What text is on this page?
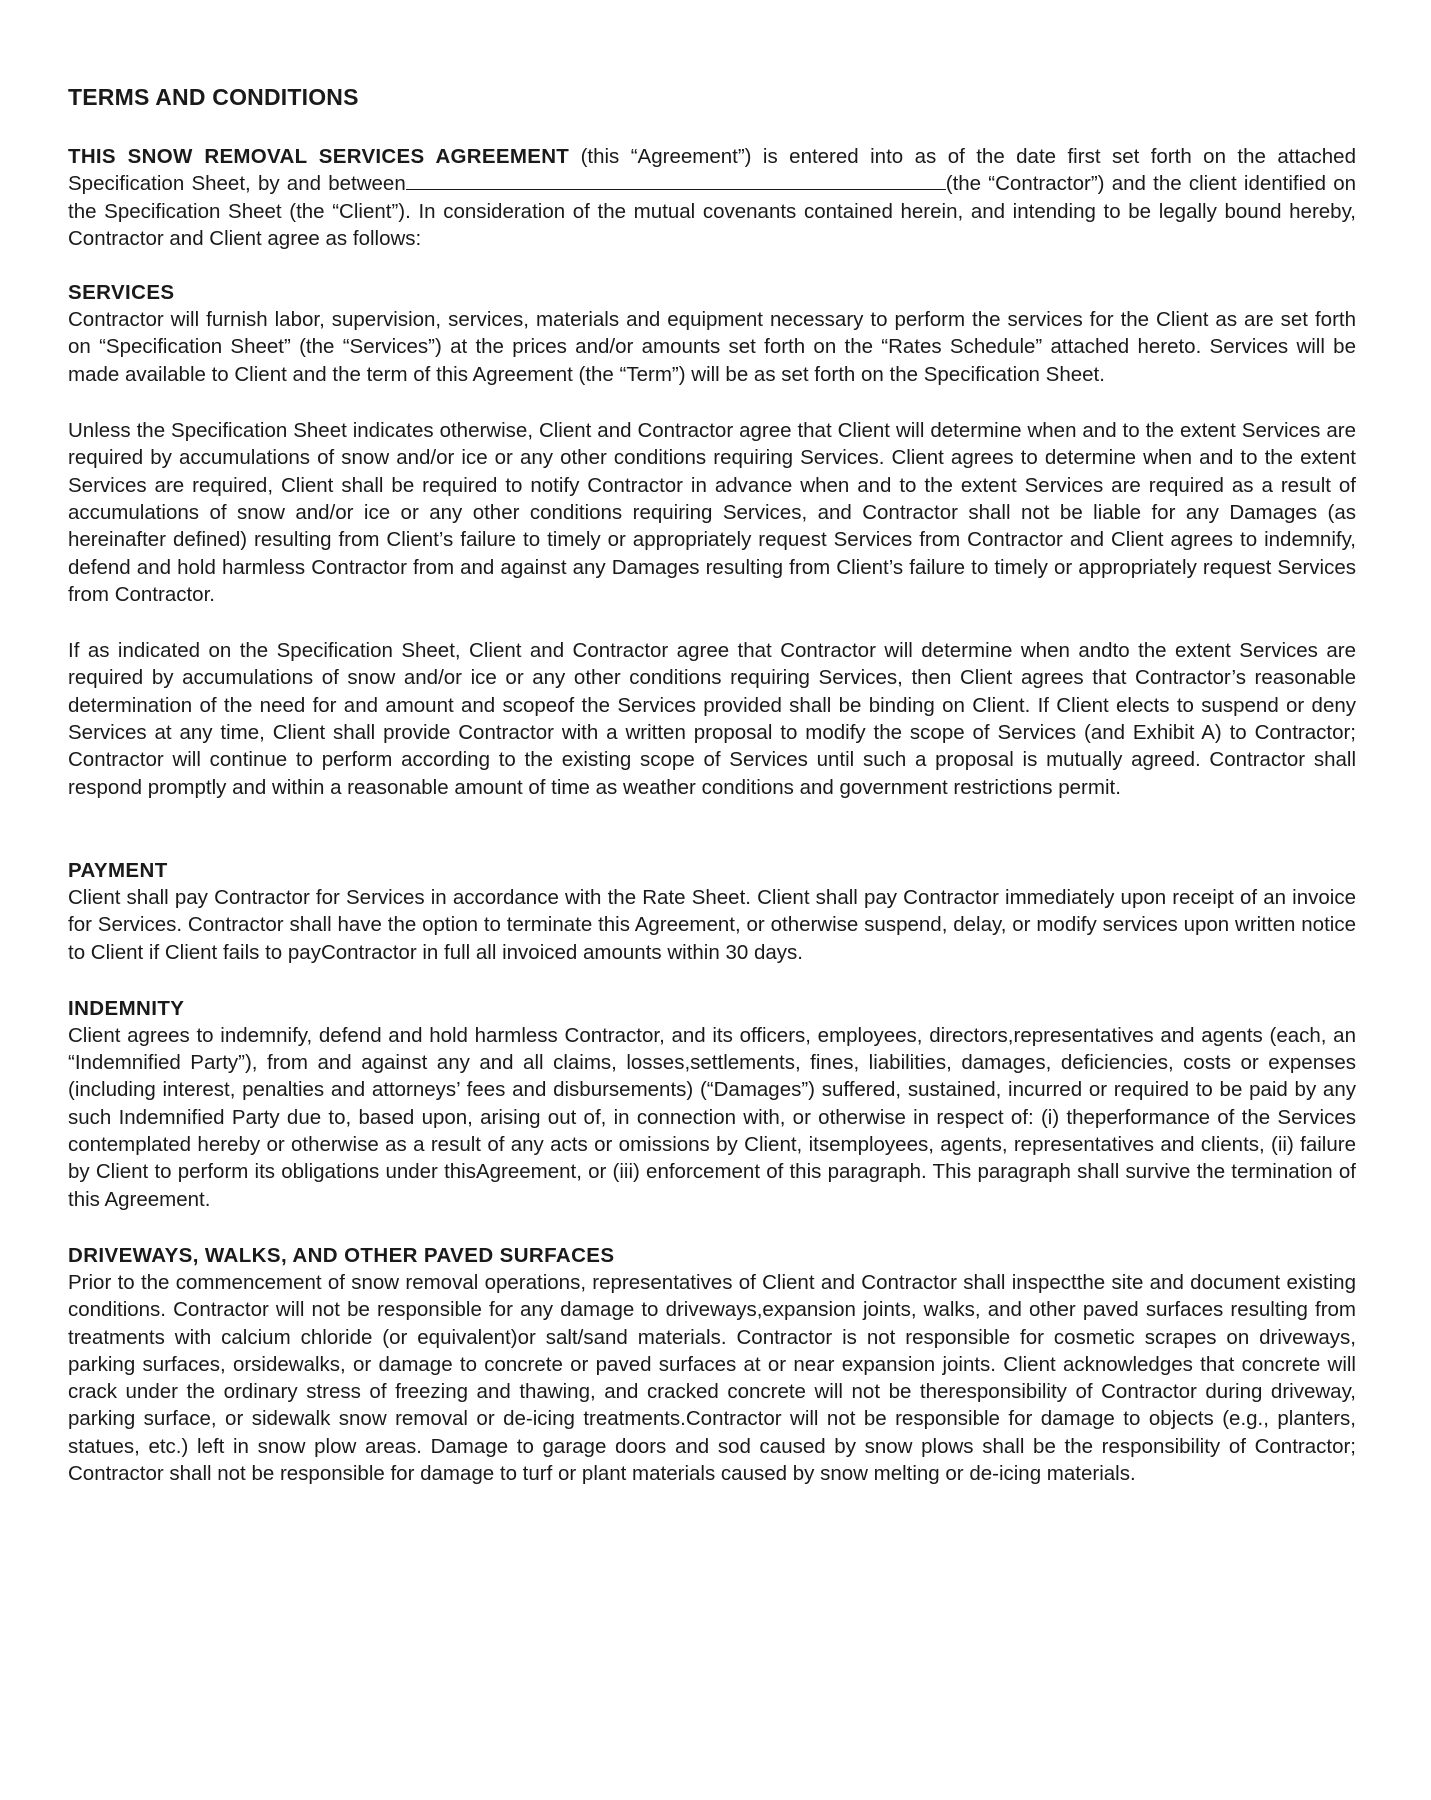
TERMS AND CONDITIONS

THIS SNOW REMOVAL SERVICES AGREEMENT (this “Agreement”) is entered into as of the date first set forth on the attached Specification Sheet, by and between	(the “Contractor”) and the client identified on the Specification Sheet (the “Client”). In consideration of the mutual covenants contained herein, and intending to be legally bound hereby, Contractor and Client agree as follows:

SERVICES

Contractor will furnish labor, supervision, services, materials and equipment necessary to perform the services for the Client as are set forth on “Specification Sheet” (the “Services”) at the prices and/or amounts set forth on the “Rates Schedule” attached hereto. Services will be made available to Client and the term of this Agreement (the “Term”) will be as set forth on the Specification Sheet.

Unless the Specification Sheet indicates otherwise, Client and Contractor agree that Client will determine when and to the extent Services are required by accumulations of snow and/or ice or any other conditions requiring Services. Client agrees to determine when and to the extent Services are required, Client shall be required to notify Contractor in advance when and to the extent Services are required as a result of accumulations of snow and/or ice or any other conditions requiring Services, and Contractor shall not be liable for any Damages (as hereinafter defined) resulting from Client’s failure to timely or appropriately request Services from Contractor and Client agrees to indemnify, defend and hold harmless Contractor from and against any Damages resulting from Client’s failure to timely or appropriately request Services from Contractor.

If as indicated on the Specification Sheet, Client and Contractor agree that Contractor will determine when andto the extent Services are required by accumulations of snow and/or ice or any other conditions requiring Services, then Client agrees that Contractor’s reasonable determination of the need for and amount and scopeof the Services provided shall be binding on Client. If Client elects to suspend or deny Services at any time, Client shall provide Contractor with a written proposal to modify the scope of Services (and Exhibit A) to Contractor; Contractor will continue to perform according to the existing scope of Services until such a proposal is mutually agreed. Contractor shall respond promptly and within a reasonable amount of time as weather conditions and government restrictions permit.

PAYMENT

Client shall pay Contractor for Services in accordance with the Rate Sheet. Client shall pay Contractor immediately upon receipt of an invoice for Services. Contractor shall have the option to terminate this Agreement, or otherwise suspend, delay, or modify services upon written notice to Client if Client fails to payContractor in full all invoiced amounts within 30 days.

INDEMNITY

Client agrees to indemnify, defend and hold harmless Contractor, and its officers, employees, directors,representatives and agents (each, an “Indemnified Party”), from and against any and all claims, losses,settlements, fines, liabilities, damages, deficiencies, costs or expenses (including interest, penalties and attorneys’ fees and disbursements) (“Damages”) suffered, sustained, incurred or required to be paid by any such Indemnified Party due to, based upon, arising out of, in connection with, or otherwise in respect of: (i) theperformance of the Services contemplated hereby or otherwise as a result of any acts or omissions by Client, itsemployees, agents, representatives and clients, (ii) failure by Client to perform its obligations under thisAgreement, or (iii) enforcement of this paragraph. This paragraph shall survive the termination of this Agreement.

DRIVEWAYS, WALKS, AND OTHER PAVED SURFACES

Prior to the commencement of snow removal operations, representatives of Client and Contractor shall inspectthe site and document existing conditions. Contractor will not be responsible for any damage to driveways,expansion joints, walks, and other paved surfaces resulting from treatments with calcium chloride (or equivalent)or salt/sand materials. Contractor is not responsible for cosmetic scrapes on driveways, parking surfaces, orsidewalks, or damage to concrete or paved surfaces at or near expansion joints. Client acknowledges that concrete will crack under the ordinary stress of freezing and thawing, and cracked concrete will not be theresponsibility of Contractor during driveway, parking surface, or sidewalk snow removal or de-icing treatments.Contractor will not be responsible for damage to objects (e.g., planters, statues, etc.) left in snow plow areas. Damage to garage doors and sod caused by snow plows shall be the responsibility of Contractor; Contractor shall not be responsible for damage to turf or plant materials caused by snow melting or de-icing materials.
